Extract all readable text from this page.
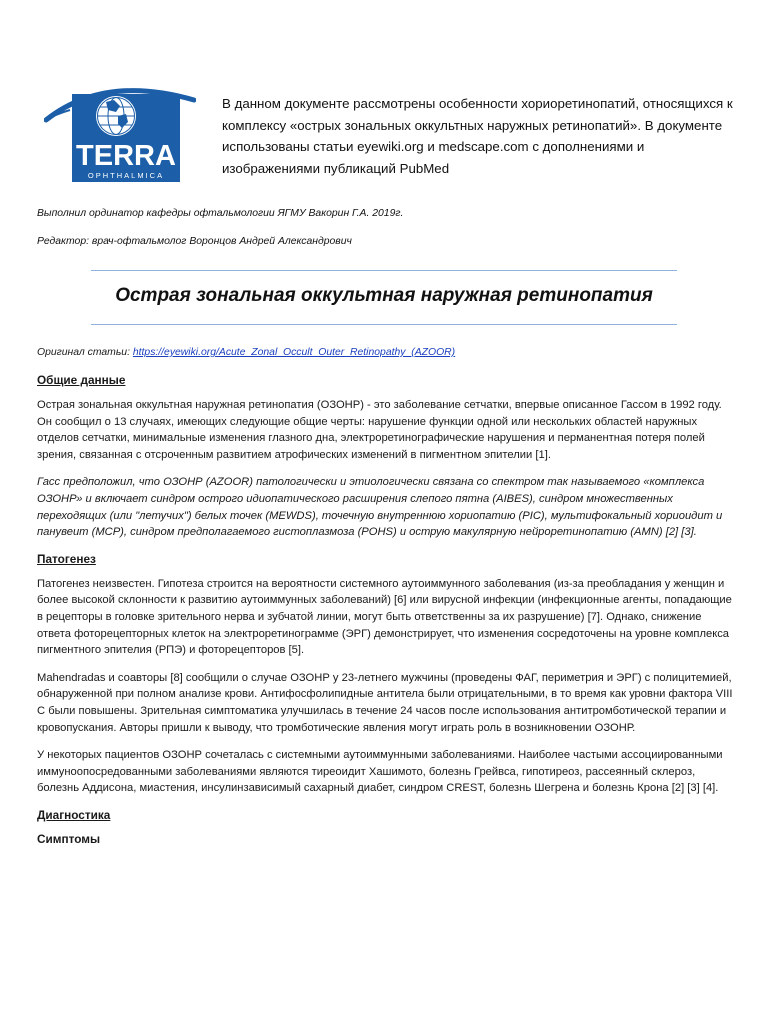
TERRA
OPHTHALMICA
В данном документе рассмотрены особенности хориоретинопатий, относящихся к комплексу «острых зональных оккультных наружных ретинопатий». В документе использованы статьи eyewiki.org и medscape.com с дополнениями и изображениями публикаций PubMed
Выполнил ординатор кафедры офтальмологии ЯГМУ Вакорин Г.А. 2019г.
Редактор: врач-офтальмолог Воронцов Андрей Александрович
Острая зональная оккультная наружная ретинопатия
Оригинал статьи: https://eyewiki.org/Acute_Zonal_Occult_Outer_Retinopathy_(AZOOR)
Общие данные

Острая зональная оккультная наружная ретинопатия (ОЗОНР) - это заболевание сетчатки, впервые описанное Гассом в 1992 году. Он сообщил о 13 случаях, имеющих следующие общие черты: нарушение функции одной или нескольких областей наружных отделов сетчатки, минимальные изменения глазного дна, электроретинографические нарушения и перманентная потеря полей зрения, связанная с отсроченным развитием атрофических изменений в пигментном эпителии [1].

Гасс предположил, что ОЗОНР (AZOOR) патологически и этиологически связана со спектром так называемого «комплекса ОЗОНР» и включает синдром острого идиопатического расширения слепого пятна (AIBES), синдром множественных переходящих (или "летучих") белых точек (MEWDS), точечную внутреннюю хориопатию (PIC), мультифокальный хориоидит и панувеит (MCP), синдром предполагаемого гистоплазмоза (POHS) и острую макулярную нейроретинопатию (AMN) [2] [3].

Патогенез

Патогенез неизвестен. Гипотеза строится на вероятности системного аутоиммунного заболевания (из-за преобладания у женщин и более высокой склонности к развитию аутоиммунных заболеваний) [6] или вирусной инфекции (инфекционные агенты, попадающие в рецепторы в головке зрительного нерва и зубчатой линии, могут быть ответственны за их разрушение) [7]. Однако, снижение ответа фоторецепторных клеток на электроретинограмме (ЭРГ) демонстрирует, что изменения сосредоточены на уровне комплекса пигментного эпителия (РПЭ) и фоторецепторов [5].

Mahendradas и соавторы [8] сообщили о случае ОЗОНР у 23-летнего мужчины (проведены ФАГ, периметрия и ЭРГ) с полицитемией, обнаруженной при полном анализе крови. Антифосфолипидные антитела были отрицательными, в то время как уровни фактора VIII C были повышены. Зрительная симптоматика улучшилась в течение 24 часов после использования антитромботической терапии и кровопускания. Авторы пришли к выводу, что тромботические явления могут играть роль в возникновении ОЗОНР.

У некоторых пациентов ОЗОНР сочеталась с системными аутоиммунными заболеваниями. Наиболее частыми ассоциированными иммуноопосредованными заболеваниями являются тиреоидит Хашимото, болезнь Грейвса, гипотиреоз, рассеянный склероз, болезнь Аддисона, миастения, инсулинзависимый сахарный диабет, синдром CREST, болезнь Шегрена и болезнь Крона [2] [3] [4].

Диагностика
Симптомы
